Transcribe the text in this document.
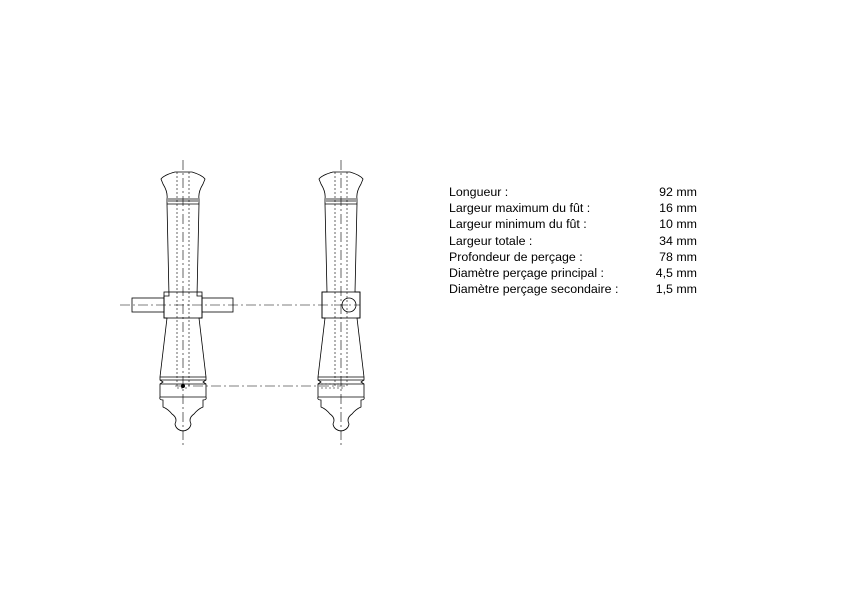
Longueur :	92 mm
Largeur maximum du fût :	16 mm
Largeur minimum du fût :	10 mm
Largeur totale :	34 mm
Profondeur de perçage :	78 mm
Diamètre perçage principal :	4,5 mm
Diamètre perçage secondaire :	1,5 mm
